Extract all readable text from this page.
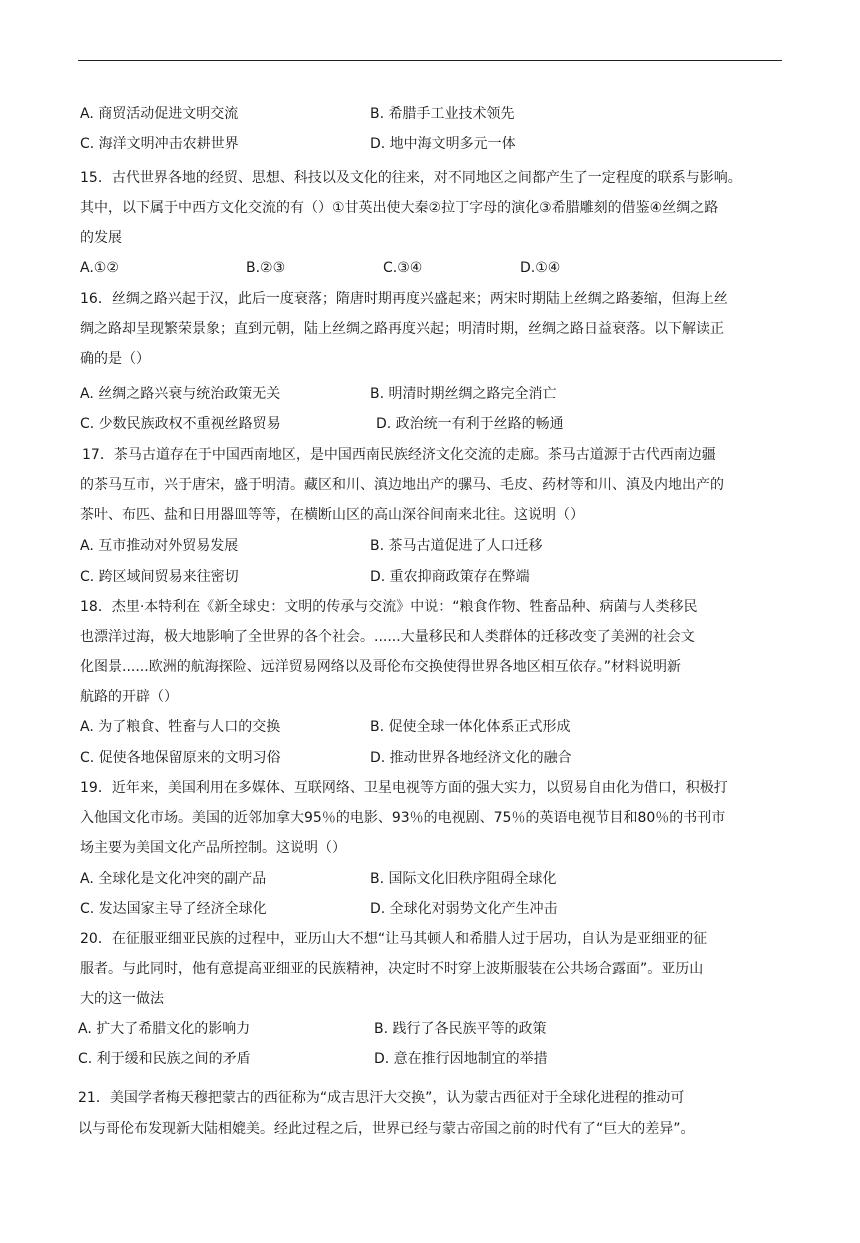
A. 商贸活动促进文明交流	B. 希腊手工业技术领先
C. 海洋文明冲击农耕世界	D. 地中海文明多元一体
15．古代世界各地的经贸、思想、科技以及文化的往来，对不同地区之间都产生了一定程度的联系与影响。
其中，以下属于中西方文化交流的有（）①甘英出使大秦②拉丁字母的演化③希腊雕刻的借鉴④丝绸之路
的发展
A.①②	B.②③	C.③④	D.①④
16．丝绸之路兴起于汉，此后一度衰落；隋唐时期再度兴盛起来；两宋时期陆上丝绸之路萎缩，但海上丝
绸之路却呈现繁荣景象；直到元朝，陆上丝绸之路再度兴起；明清时期，丝绸之路日益衰落。以下解读正
确的是（）
A. 丝绸之路兴衰与统治政策无关	B. 明清时期丝绸之路完全消亡
C. 少数民族政权不重视丝路贸易	D. 政治统一有利于丝路的畅通
17．茶马古道存在于中国西南地区，是中国西南民族经济文化交流的走廊。茶马古道源于古代西南边疆
的茶马互市，兴于唐宋，盛于明清。藏区和川、滇边地出产的骡马、毛皮、药材等和川、滇及内地出产的
茶叶、布匹、盐和日用器皿等等，在横断山区的高山深谷间南来北往。这说明（）
A. 互市推动对外贸易发展	B. 茶马古道促进了人口迁移
C. 跨区域间贸易来往密切	D. 重农抑商政策存在弊端
18．杰里·本特利在《新全球史：文明的传承与交流》中说：“粮食作物、牲畜品种、病菌与人类移民
也漂洋过海，极大地影响了全世界的各个社会。......大量移民和人类群体的迁移改变了美洲的社会文
化图景......欧洲的航海探险、远洋贸易网络以及哥伦布交换使得世界各地区相互依存。”材料说明新
航路的开辟（）
A. 为了粮食、牲畜与人口的交换	B. 促使全球一体化体系正式形成
C. 促使各地保留原来的文明习俗	D. 推动世界各地经济文化的融合
19．近年来，美国利用在多媒体、互联网络、卫星电视等方面的强大实力，以贸易自由化为借口，积极打
入他国文化市场。美国的近邻加拿大95％的电影、93％的电视剧、75％的英语电视节目和80％的书刊市
场主要为美国文化产品所控制。这说明（）
A. 全球化是文化冲突的副产品	B. 国际文化旧秩序阻碍全球化
C. 发达国家主导了经济全球化	D. 全球化对弱势文化产生冲击
20．在征服亚细亚民族的过程中，亚历山大不想“让马其顿人和希腊人过于居功，自认为是亚细亚的征
服者。与此同时，他有意提高亚细亚的民族精神，决定时不时穿上波斯服装在公共场合露面”。亚历山
大的这一做法
A. 扩大了希腊文化的影响力	B. 践行了各民族平等的政策
C. 利于缓和民族之间的矛盾	D. 意在推行因地制宜的举措
21．美国学者梅天穆把蒙古的西征称为“成吉思汗大交换”，认为蒙古西征对于全球化进程的推动可
以与哥伦布发现新大陆相媲美。经此过程之后，世界已经与蒙古帝国之前的时代有了“巨大的差异”。
